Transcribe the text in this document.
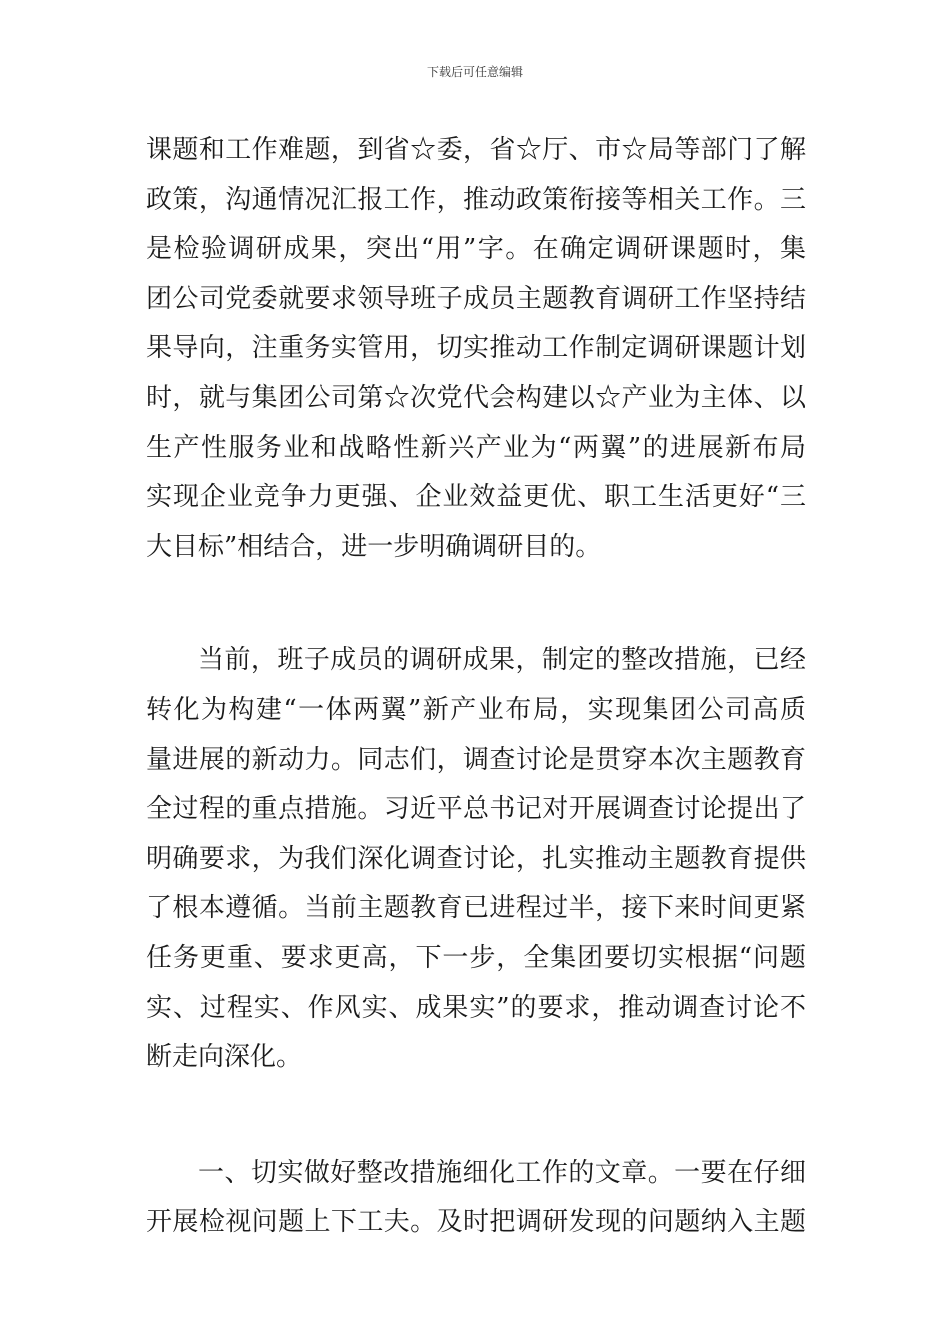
下载后可任意编辑
课题和工作难题，到省☆委，省☆厅、市☆局等部门了解
政策，沟通情况汇报工作，推动政策衔接等相关工作。三
是检验调研成果，突出“用”字。在确定调研课题时，集
团公司党委就要求领导班子成员主题教育调研工作坚持结
果导向，注重务实管用，切实推动工作制定调研课题计划
时，就与集团公司第☆次党代会构建以☆产业为主体、以
生产性服务业和战略性新兴产业为“两翼”的进展新布局
实现企业竞争力更强、企业效益更优、职工生活更好“三
大目标”相结合，进一步明确调研目的。
当前，班子成员的调研成果，制定的整改措施，已经
转化为构建“一体两翼”新产业布局，实现集团公司高质
量进展的新动力。同志们，调查讨论是贯穿本次主题教育
全过程的重点措施。习近平总书记对开展调查讨论提出了
明确要求，为我们深化调查讨论，扎实推动主题教育提供
了根本遵循。当前主题教育已进程过半，接下来时间更紧
任务更重、要求更高，下一步，全集团要切实根据“问题
实、过程实、作风实、成果实”的要求，推动调查讨论不
断走向深化。
一、切实做好整改措施细化工作的文章。一要在仔细
开展检视问题上下工夫。及时把调研发现的问题纳入主题
